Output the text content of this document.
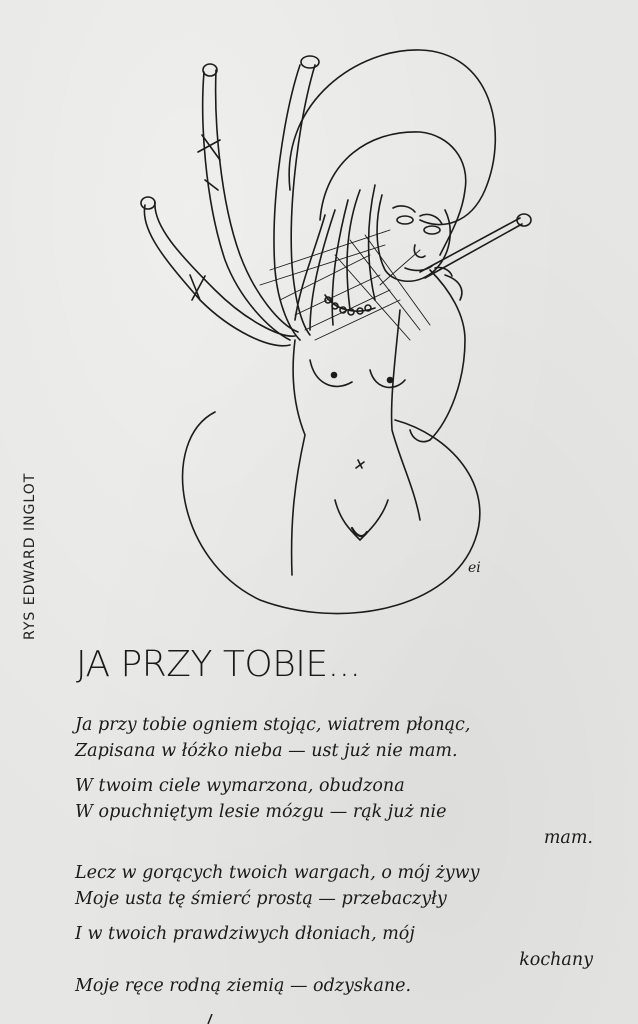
RYS EDWARD INGLOT	ei
JA PRZY TOBIE...
Ja przy tobie ogniem stojąc, wiatrem płonąc,
Zapisana w łóżko nieba — ust już nie mam.
W twoim ciele wymarzona, obudzona
W opuchniętym lesie mózgu — rąk już nie
mam.
Lecz w gorących twoich wargach, o mój żywy
Moje usta tę śmierć prostą — przebaczyły
I w twoich prawdziwych dłoniach, mój
kochany
Moje ręce rodną ziemią — odzyskane.
